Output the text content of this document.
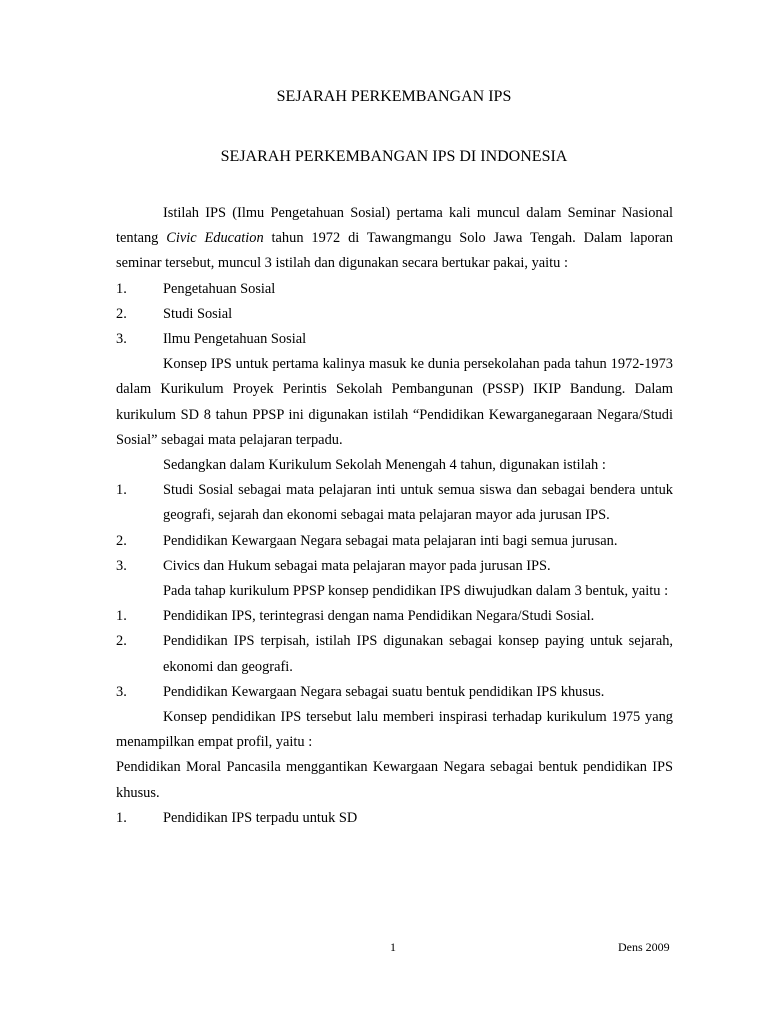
SEJARAH PERKEMBANGAN IPS
SEJARAH PERKEMBANGAN IPS DI INDONESIA

Istilah IPS (Ilmu Pengetahuan Sosial) pertama kali muncul dalam Seminar Nasional tentang Civic Education tahun 1972 di Tawangmangu Solo Jawa Tengah. Dalam laporan seminar tersebut, muncul 3 istilah dan digunakan secara bertukar pakai, yaitu :

1.	Pengetahuan Sosial
2.	Studi Sosial
3.	Ilmu Pengetahuan Sosial

Konsep IPS untuk pertama kalinya masuk ke dunia persekolahan pada tahun 1972-1973 dalam Kurikulum Proyek Perintis Sekolah Pembangunan (PSSP) IKIP Bandung. Dalam kurikulum SD 8 tahun PPSP ini digunakan istilah “Pendidikan Kewarganegaraan Negara/Studi Sosial” sebagai mata pelajaran terpadu.

Sedangkan dalam Kurikulum Sekolah Menengah 4 tahun, digunakan istilah :

1.	Studi Sosial sebagai mata pelajaran inti untuk semua siswa dan sebagai bendera untuk geografi, sejarah dan ekonomi sebagai mata pelajaran mayor ada jurusan IPS.
2.	Pendidikan Kewargaan Negara sebagai mata pelajaran inti bagi semua jurusan.
3.	Civics dan Hukum sebagai mata pelajaran mayor pada jurusan IPS.

Pada tahap kurikulum PPSP konsep pendidikan IPS diwujudkan dalam 3 bentuk, yaitu :

1.	Pendidikan IPS, terintegrasi dengan nama Pendidikan Negara/Studi Sosial.
2.	Pendidikan IPS terpisah, istilah IPS digunakan sebagai konsep paying untuk sejarah, ekonomi dan geografi.
3.	Pendidikan Kewargaan Negara sebagai suatu bentuk pendidikan IPS khusus.

Konsep pendidikan IPS tersebut lalu memberi inspirasi terhadap kurikulum 1975 yang menampilkan empat profil, yaitu :

Pendidikan Moral Pancasila menggantikan Kewargaan Negara sebagai bentuk pendidikan IPS khusus.

1.	Pendidikan IPS terpadu untuk SD
1	Dens 2009
